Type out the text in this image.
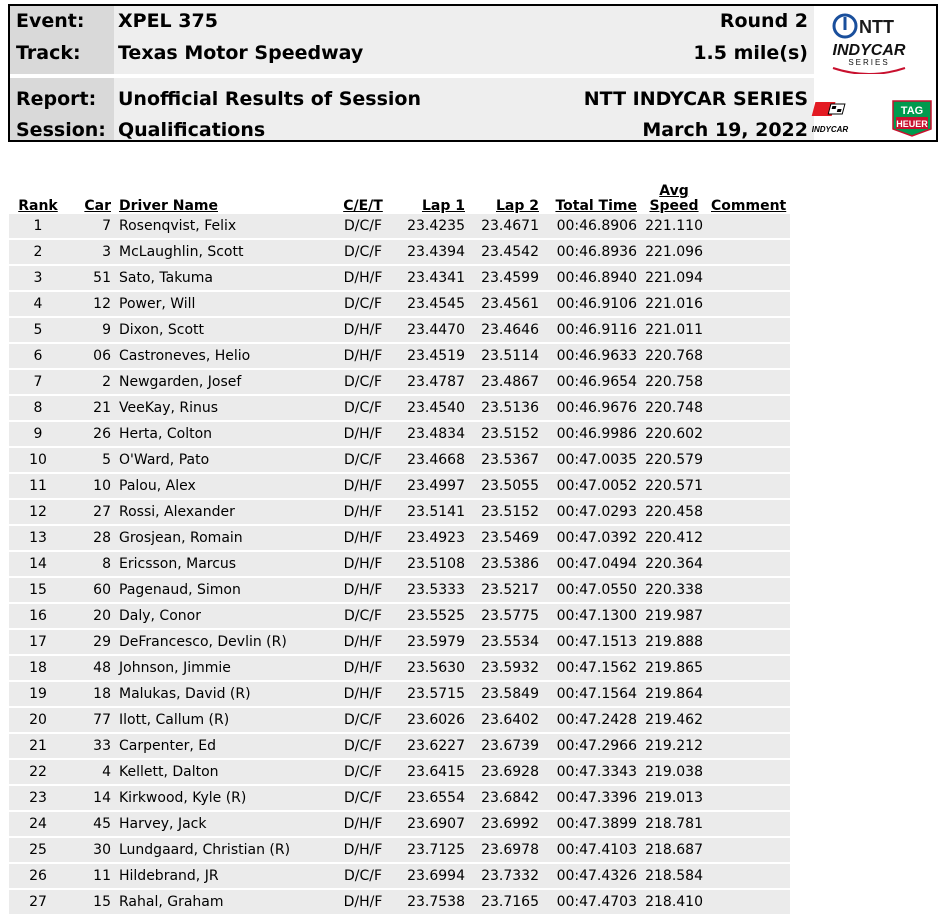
Event: XPEL 375
Track: Texas Motor Speedway
Report: Unofficial Results of Session
Session: Qualifications
Round 2
1.5 mile(s)
NTT INDYCAR SERIES
March 19, 2022
NTT
INDYCAR
SERIES
INDYCAR
TAG
HEUER
Rank	Car	Driver Name	C/E/T	Lap 1	Lap 2	Total Time	Avg
Speed	Comment
1	7	Rosenqvist, Felix	D/C/F	23.4235	23.4671	00:46.8906	221.110	
2	3	McLaughlin, Scott	D/C/F	23.4394	23.4542	00:46.8936	221.096	
3	51	Sato, Takuma	D/H/F	23.4341	23.4599	00:46.8940	221.094	
4	12	Power, Will	D/C/F	23.4545	23.4561	00:46.9106	221.016	
5	9	Dixon, Scott	D/H/F	23.4470	23.4646	00:46.9116	221.011	
6	06	Castroneves, Helio	D/H/F	23.4519	23.5114	00:46.9633	220.768	
7	2	Newgarden, Josef	D/C/F	23.4787	23.4867	00:46.9654	220.758	
8	21	VeeKay, Rinus	D/C/F	23.4540	23.5136	00:46.9676	220.748	
9	26	Herta, Colton	D/H/F	23.4834	23.5152	00:46.9986	220.602	
10	5	O'Ward, Pato	D/C/F	23.4668	23.5367	00:47.0035	220.579	
11	10	Palou, Alex	D/H/F	23.4997	23.5055	00:47.0052	220.571	
12	27	Rossi, Alexander	D/H/F	23.5141	23.5152	00:47.0293	220.458	
13	28	Grosjean, Romain	D/H/F	23.4923	23.5469	00:47.0392	220.412	
14	8	Ericsson, Marcus	D/H/F	23.5108	23.5386	00:47.0494	220.364	
15	60	Pagenaud, Simon	D/H/F	23.5333	23.5217	00:47.0550	220.338	
16	20	Daly, Conor	D/C/F	23.5525	23.5775	00:47.1300	219.987	
17	29	DeFrancesco, Devlin (R)	D/H/F	23.5979	23.5534	00:47.1513	219.888	
18	48	Johnson, Jimmie	D/H/F	23.5630	23.5932	00:47.1562	219.865	
19	18	Malukas, David (R)	D/H/F	23.5715	23.5849	00:47.1564	219.864	
20	77	Ilott, Callum (R)	D/C/F	23.6026	23.6402	00:47.2428	219.462	
21	33	Carpenter, Ed	D/C/F	23.6227	23.6739	00:47.2966	219.212	
22	4	Kellett, Dalton	D/C/F	23.6415	23.6928	00:47.3343	219.038	
23	14	Kirkwood, Kyle (R)	D/C/F	23.6554	23.6842	00:47.3396	219.013	
24	45	Harvey, Jack	D/H/F	23.6907	23.6992	00:47.3899	218.781	
25	30	Lundgaard, Christian (R)	D/H/F	23.7125	23.6978	00:47.4103	218.687	
26	11	Hildebrand, JR	D/C/F	23.6994	23.7332	00:47.4326	218.584	
27	15	Rahal, Graham	D/H/F	23.7538	23.7165	00:47.4703	218.410	
